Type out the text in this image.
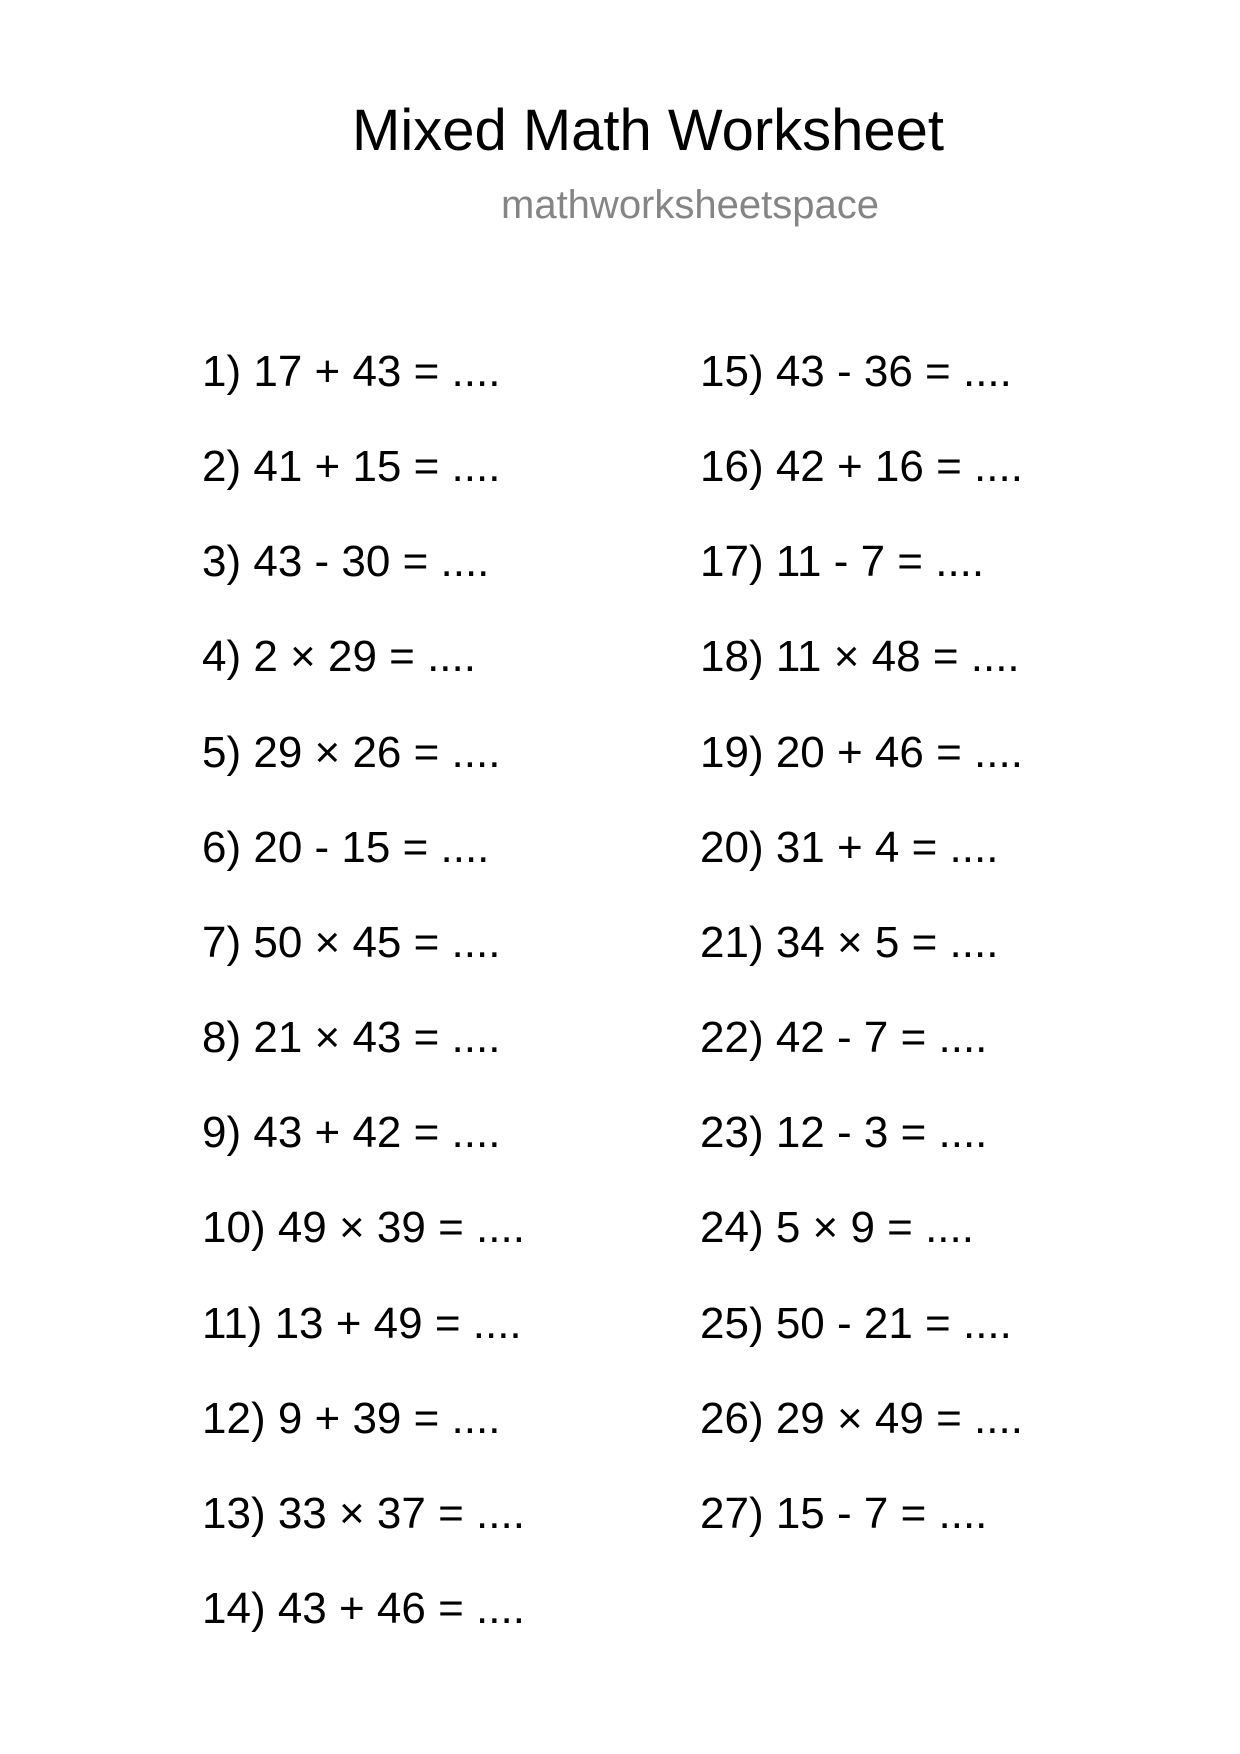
Mixed Math Worksheet
mathworksheetspace
1) 17 + 43 = ....
2) 41 + 15 = ....
3) 43 - 30 = ....
4) 2 × 29 = ....
5) 29 × 26 = ....
6) 20 - 15 = ....
7) 50 × 45 = ....
8) 21 × 43 = ....
9) 43 + 42 = ....
10) 49 × 39 = ....
11) 13 + 49 = ....
12) 9 + 39 = ....
13) 33 × 37 = ....
14) 43 + 46 = ....
15) 43 - 36 = ....
16) 42 + 16 = ....
17) 11 - 7 = ....
18) 11 × 48 = ....
19) 20 + 46 = ....
20) 31 + 4 = ....
21) 34 × 5 = ....
22) 42 - 7 = ....
23) 12 - 3 = ....
24) 5 × 9 = ....
25) 50 - 21 = ....
26) 29 × 49 = ....
27) 15 - 7 = ....
